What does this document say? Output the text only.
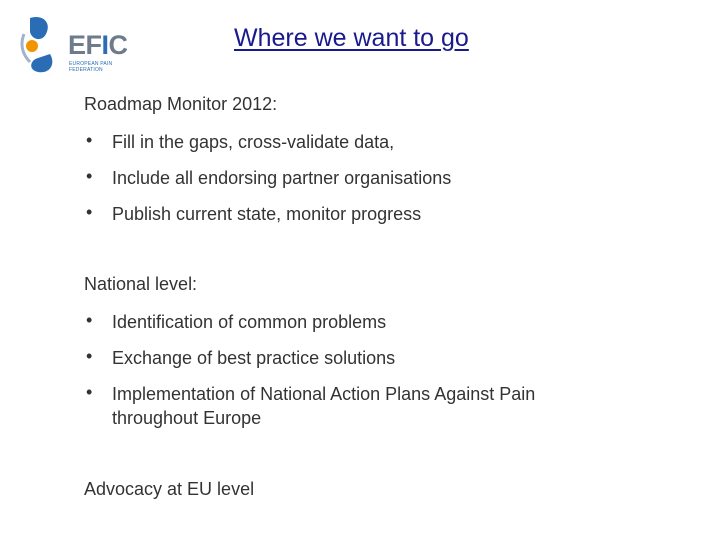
EFIC
EUROPEAN PAIN FEDERATION
Where we want to go
Roadmap Monitor 2012:
• Fill in the gaps, cross-validate data,
• Include all endorsing partner organisations
• Publish current state, monitor progress
National level:
• Identification of common problems
• Exchange of best practice solutions
• Implementation of National Action Plans Against Pain
throughout Europe
Advocacy at EU level
